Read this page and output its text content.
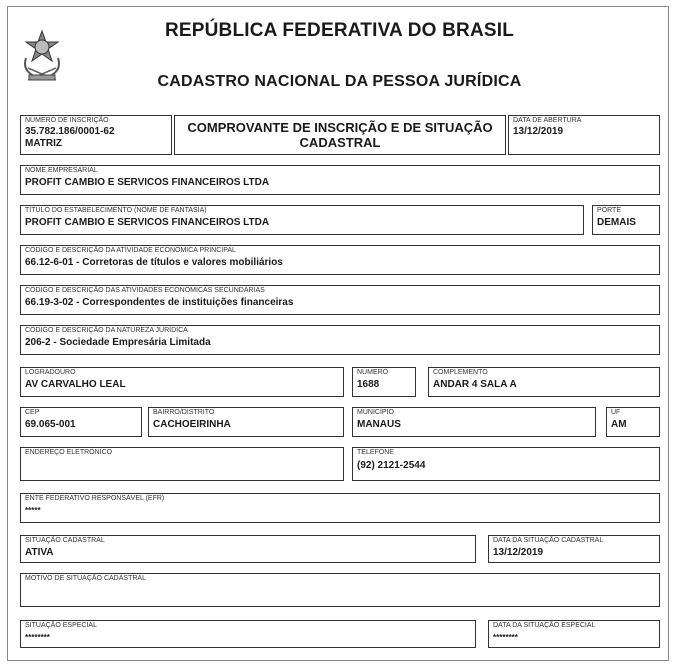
REPÚBLICA FEDERATIVA DO BRASIL
CADASTRO NACIONAL DA PESSOA JURÍDICA
NÚMERO DE INSCRIÇÃO
35.782.186/0001-62
MATRIZ
COMPROVANTE DE INSCRIÇÃO E DE SITUAÇÃO CADASTRAL
DATA DE ABERTURA
13/12/2019
NOME EMPRESARIAL
PROFIT CAMBIO E SERVICOS FINANCEIROS LTDA
TÍTULO DO ESTABELECIMENTO (NOME DE FANTASIA)
PROFIT CAMBIO E SERVICOS FINANCEIROS LTDA
PORTE
DEMAIS
CÓDIGO E DESCRIÇÃO DA ATIVIDADE ECONÔMICA PRINCIPAL
66.12-6-01 - Corretoras de títulos e valores mobiliários
CÓDIGO E DESCRIÇÃO DAS ATIVIDADES ECONÔMICAS SECUNDÁRIAS
66.19-3-02 - Correspondentes de instituições financeiras
CÓDIGO E DESCRIÇÃO DA NATUREZA JURÍDICA
206-2 - Sociedade Empresária Limitada
LOGRADOURO
AV CARVALHO LEAL
NÚMERO
1688
COMPLEMENTO
ANDAR 4 SALA A
CEP
69.065-001
BAIRRO/DISTRITO
CACHOEIRINHA
MUNICÍPIO
MANAUS
UF
AM
ENDEREÇO ELETRÔNICO	TELEFONE
(92) 2121-2544
ENTE FEDERATIVO RESPONSÁVEL (EFR)
*****
SITUAÇÃO CADASTRAL
ATIVA
DATA DA SITUAÇÃO CADASTRAL
13/12/2019
MOTIVO DE SITUAÇÃO CADASTRAL
SITUAÇÃO ESPECIAL
********
DATA DA SITUAÇÃO ESPECIAL
********
